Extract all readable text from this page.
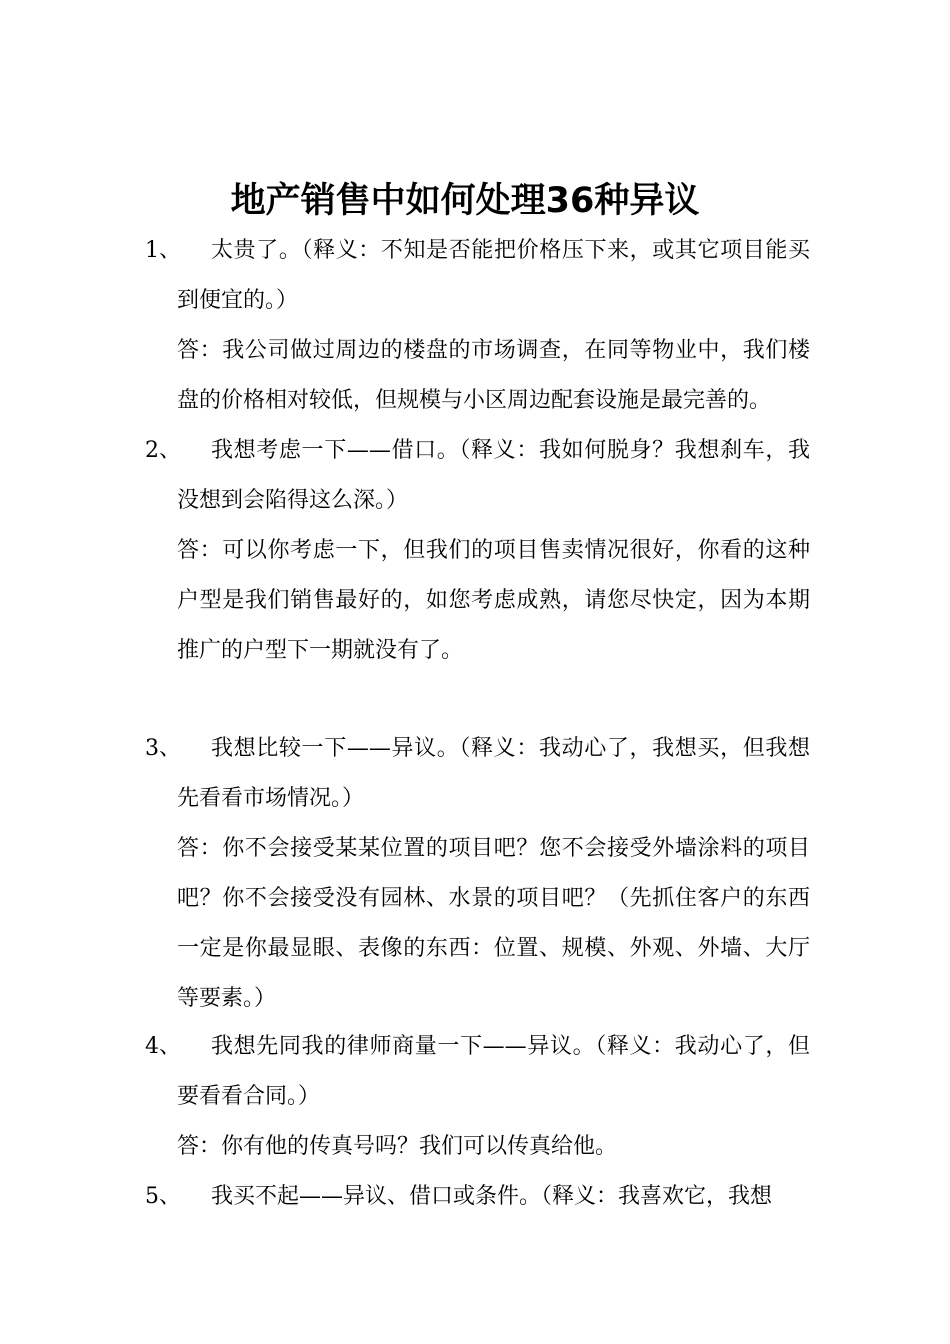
地产销售中如何处理36种异议
1、	太贵了。（释义：不知是否能把价格压下来，或其它项目能买到便宜的。）
答：我公司做过周边的楼盘的市场调查，在同等物业中，我们楼盘的价格相对较低，但规模与小区周边配套设施是最完善的。
2、	我想考虑一下——借口。（释义：我如何脱身？我想刹车，我没想到会陷得这么深。）
答：可以你考虑一下，但我们的项目售卖情况很好，你看的这种户型是我们销售最好的，如您考虑成熟，请您尽快定，因为本期推广的户型下一期就没有了。
3、	我想比较一下——异议。（释义：我动心了，我想买，但我想先看看市场情况。）
答：你不会接受某某位置的项目吧？您不会接受外墙涂料的项目吧？你不会接受没有园林、水景的项目吧？（先抓住客户的东西一定是你最显眼、表像的东西：位置、规模、外观、外墙、大厅等要素。）
4、	我想先同我的律师商量一下——异议。（释义：我动心了，但要看看合同。）
答：你有他的传真号吗？我们可以传真给他。
5、	我买不起——异议、借口或条件。（释义：我喜欢它，我想
